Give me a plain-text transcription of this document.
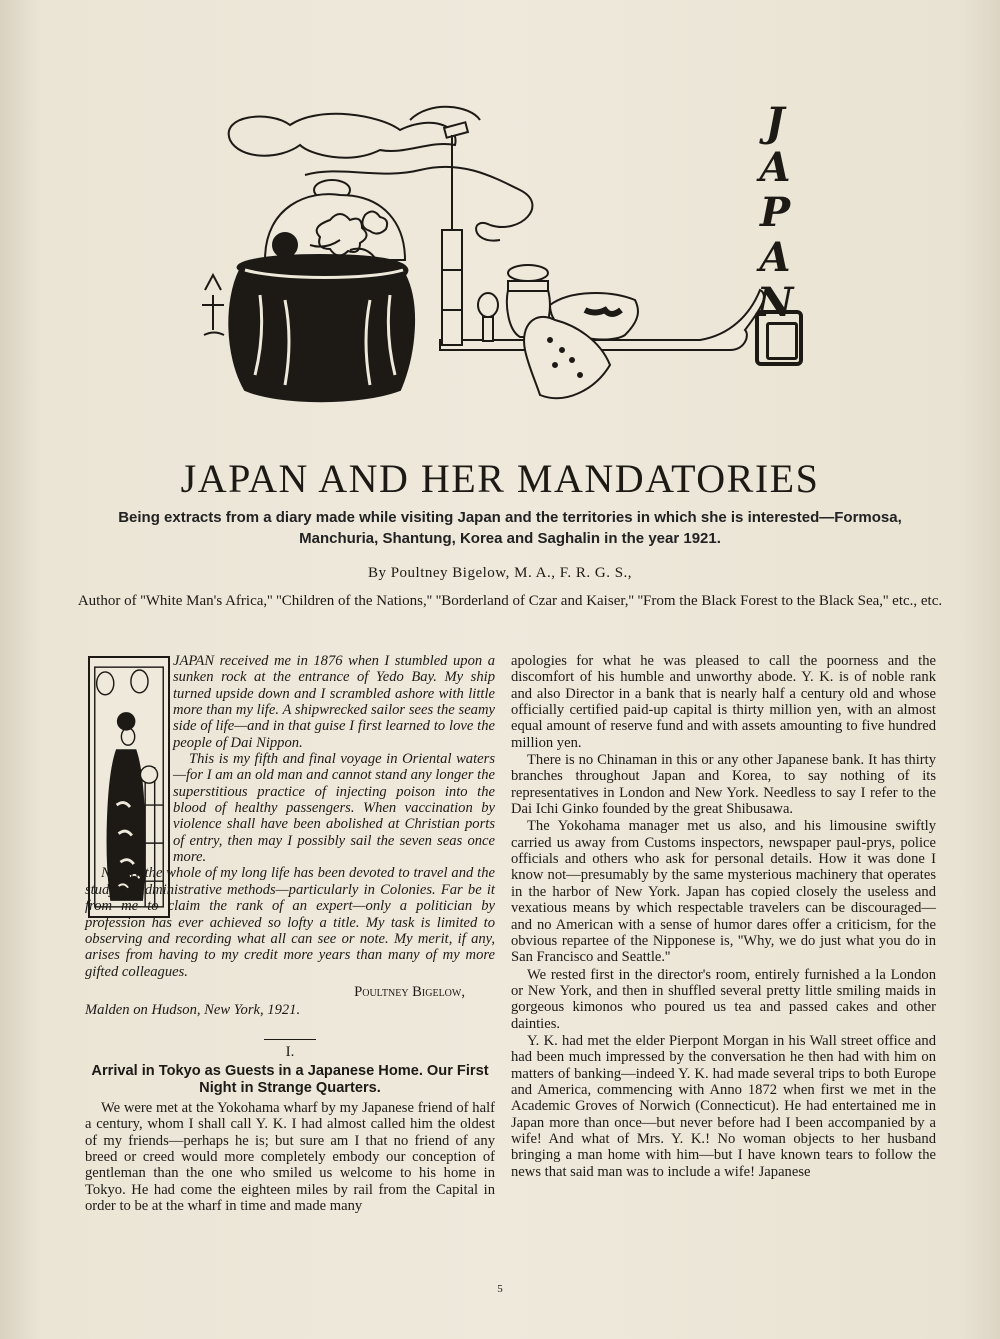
J
A
P
A
N
JAPAN AND HER MANDATORIES

Being extracts from a diary made while visiting Japan and the territories in which she is interested—Formosa, Manchuria, Shantung, Korea and Saghalin in the year 1921.

By Poultney Bigelow, M. A., F. R. G. S.,
Author of ''White Man's Africa,'' ''Children of the Nations,'' ''Borderland of Czar and Kaiser,'' ''From the Black Forest to the Black Sea,'' etc., etc.

JAPAN received me in 1876 when I stumbled upon a sunken rock at the entrance of Yedo Bay. My ship turned upside down and I scrambled ashore with little more than my life. A shipwrecked sailor sees the seamy side of life—and in that guise I first learned to love the people of Dai Nippon.

This is my fifth and final voyage in Oriental waters—for I am an old man and cannot stand any longer the superstitious practice of injecting poison into the blood of healthy passengers. When vaccination by violence shall have been abolished at Christian ports of entry, then may I possibly sail the seven seas once more.

Nearly the whole of my long life has been devoted to travel and the study of administrative methods—particularly in Colonies. Far be it from me to claim the rank of an expert—only a politician by profession has ever achieved so lofty a title. My task is limited to observing and recording what all can see or note. My merit, if any, arises from having to my credit more years than many of my more gifted colleagues.

Poultney Bigelow,

Malden on Hudson, New York, 1921.

I.

Arrival in Tokyo as Guests in a Japanese Home. Our First Night in Strange Quarters.

We were met at the Yokohama wharf by my Japanese friend of half a century, whom I shall call Y. K. I had almost called him the oldest of my friends—perhaps he is; but sure am I that no friend of any breed or creed would more completely embody our conception of gentleman than the one who smiled us welcome to his home in Tokyo. He had come the eighteen miles by rail from the Capital in order to be at the wharf in time and made many

apologies for what he was pleased to call the poorness and the discomfort of his humble and unworthy abode. Y. K. is of noble rank and also Director in a bank that is nearly half a century old and whose officially certified paid-up capital is thirty million yen, with an almost equal amount of reserve fund and with assets amounting to five hundred million yen.

There is no Chinaman in this or any other Japanese bank. It has thirty branches throughout Japan and Korea, to say nothing of its representatives in London and New York. Needless to say I refer to the Dai Ichi Ginko founded by the great Shibusawa.

The Yokohama manager met us also, and his limousine swiftly carried us away from Customs inspectors, newspaper paul-prys, police officials and others who ask for personal details. How it was done I know not—presumably by the same mysterious machinery that operates in the harbor of New York. Japan has copied closely the useless and vexatious means by which respectable travelers can be discouraged—and no American with a sense of humor dares offer a criticism, for the obvious repartee of the Nipponese is, ''Why, we do just what you do in San Francisco and Seattle.''

We rested first in the director's room, entirely furnished a la London or New York, and then in shuffled several pretty little smiling maids in gorgeous kimonos who poured us tea and passed cakes and other dainties.

Y. K. had met the elder Pierpont Morgan in his Wall street office and had been much impressed by the conversation he then had with him on matters of banking—indeed Y. K. had made several trips to both Europe and America, commencing with Anno 1872 when first we met in the Academic Groves of Norwich (Connecticut). He had entertained me in Japan more than once—but never before had I been accompanied by a wife! And what of Mrs. Y. K.! No woman objects to her husband bringing a man home with him—but I have known tears to follow the news that said man was to include a wife! Japanese

5
